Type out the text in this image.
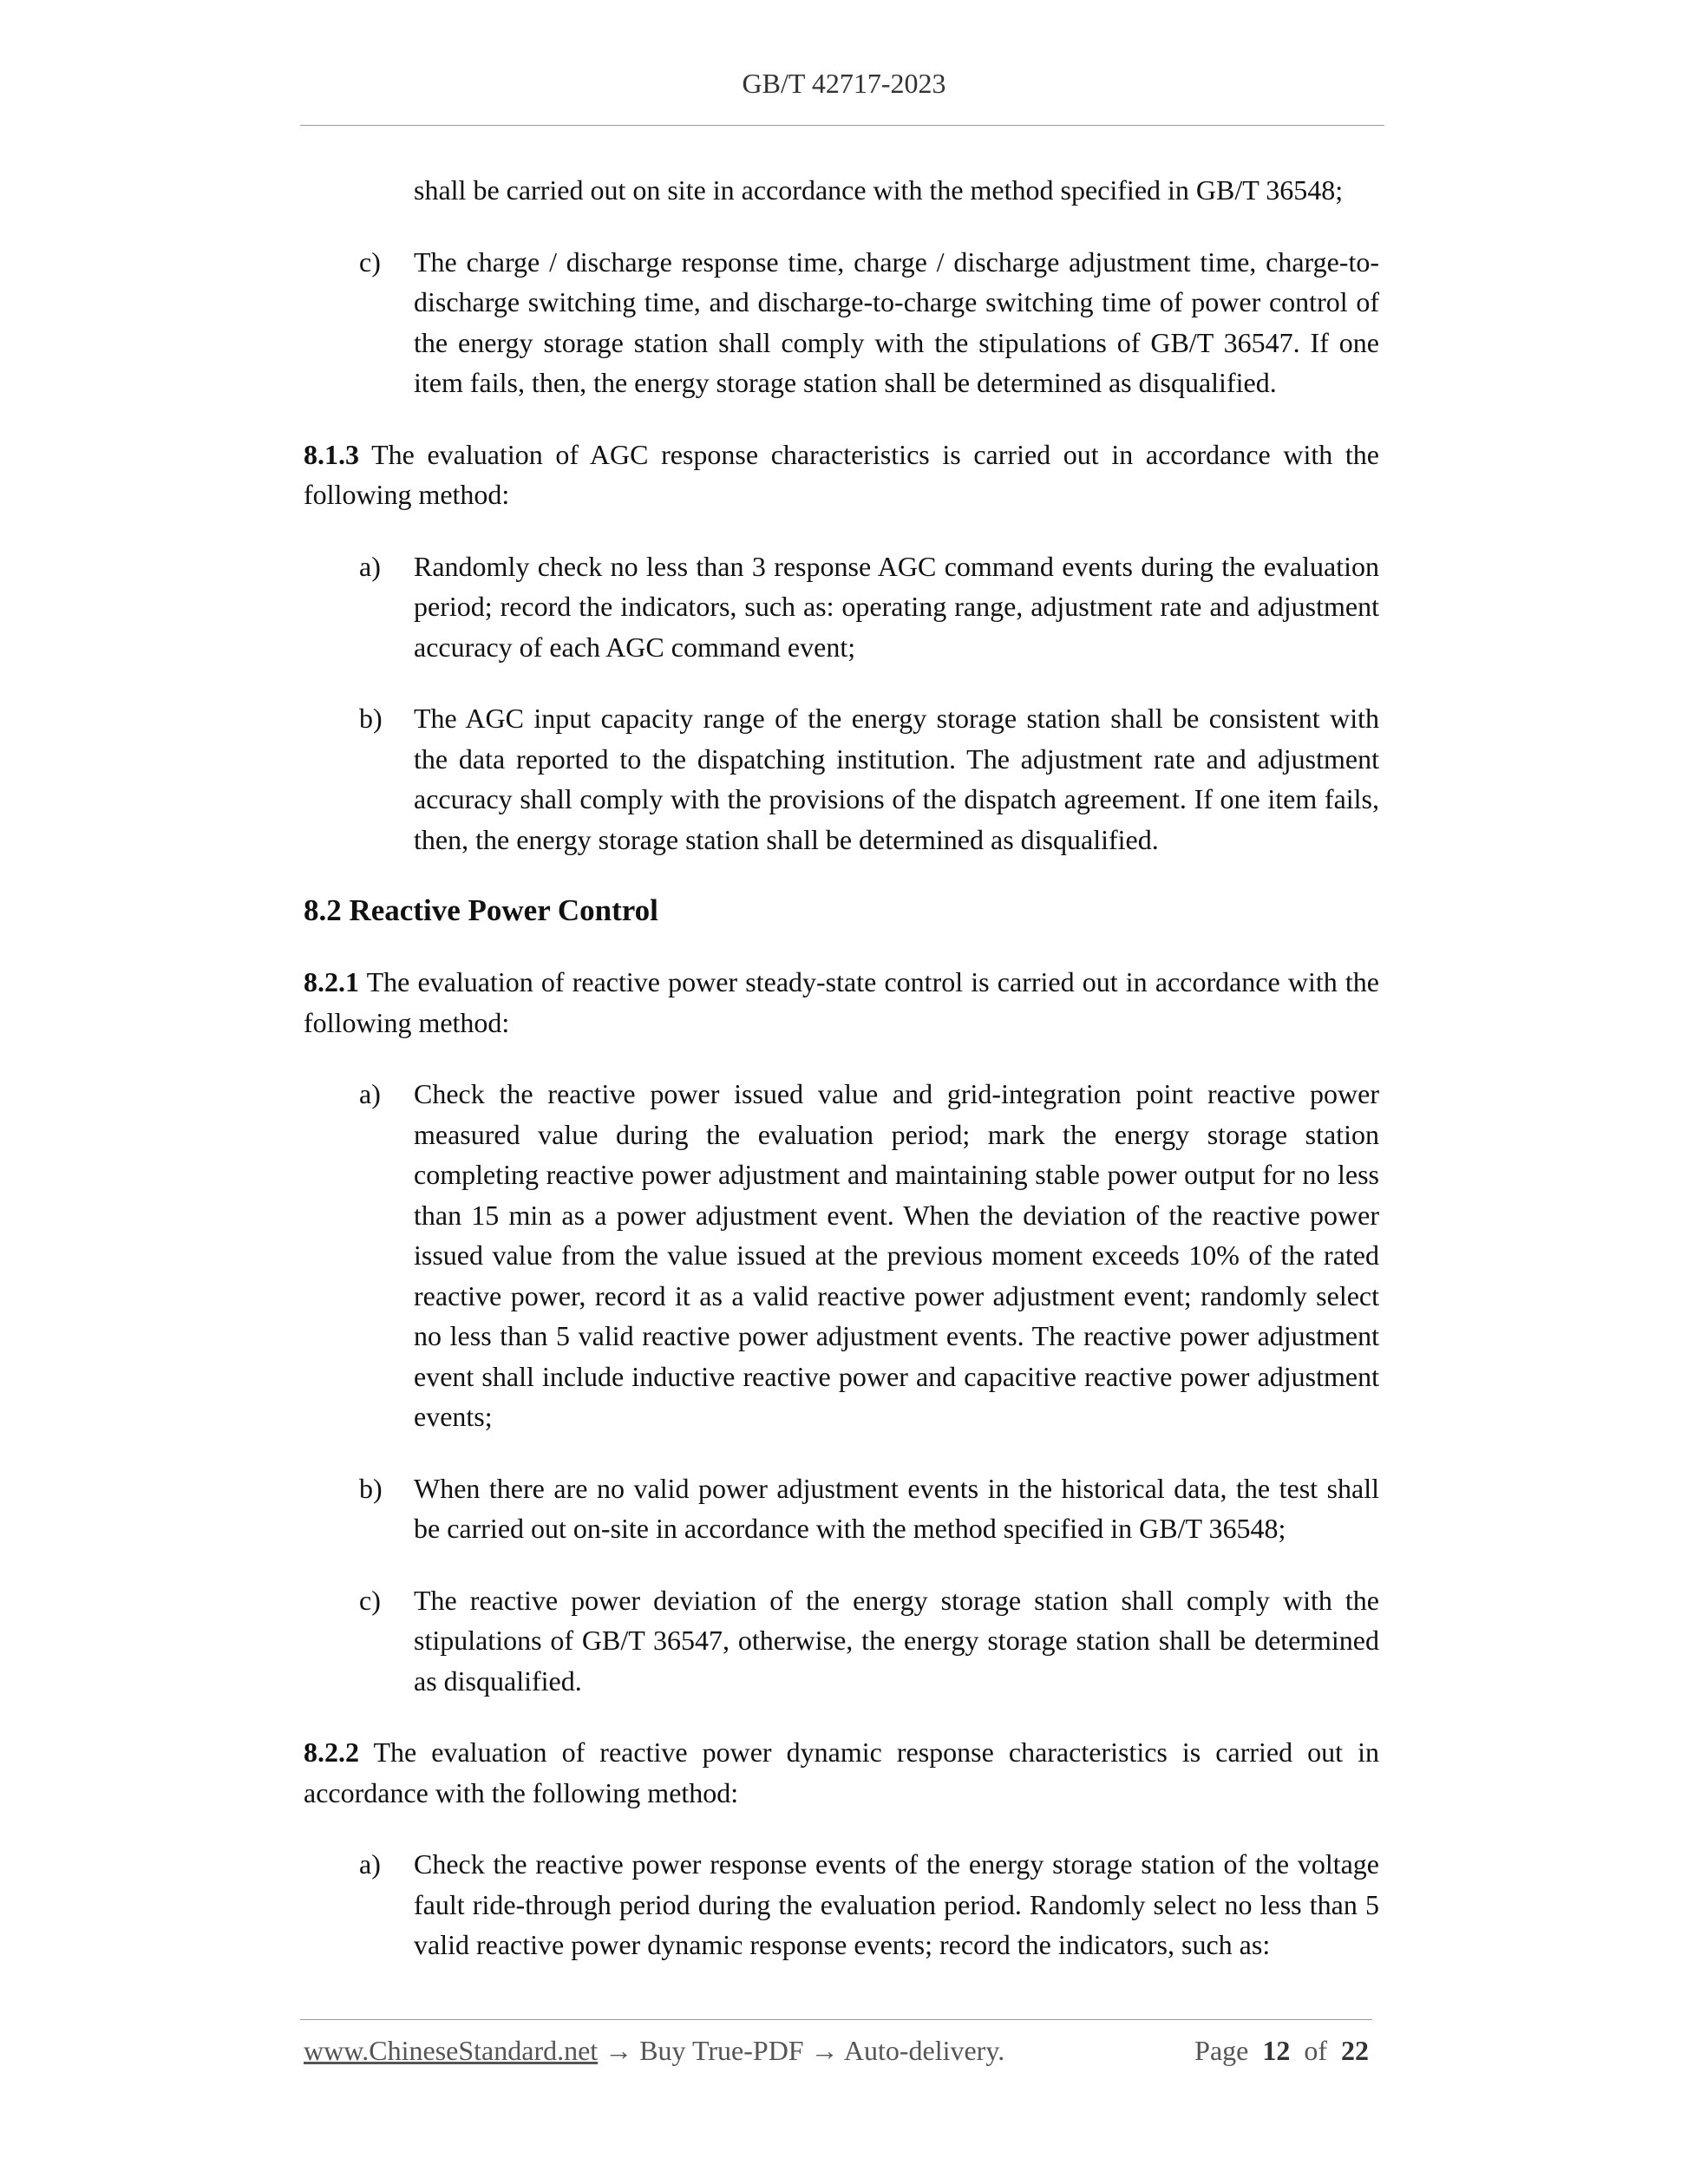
GB/T 42717-2023

shall be carried out on site in accordance with the method specified in GB/T 36548;

c) The charge / discharge response time, charge / discharge adjustment time, charge-to-discharge switching time, and discharge-to-charge switching time of power control of the energy storage station shall comply with the stipulations of GB/T 36547. If one item fails, then, the energy storage station shall be determined as disqualified.

8.1.3 The evaluation of AGC response characteristics is carried out in accordance with the following method:

a) Randomly check no less than 3 response AGC command events during the evaluation period; record the indicators, such as: operating range, adjustment rate and adjustment accuracy of each AGC command event;

b) The AGC input capacity range of the energy storage station shall be consistent with the data reported to the dispatching institution. The adjustment rate and adjustment accuracy shall comply with the provisions of the dispatch agreement. If one item fails, then, the energy storage station shall be determined as disqualified.

8.2 Reactive Power Control

8.2.1 The evaluation of reactive power steady-state control is carried out in accordance with the following method:

a) Check the reactive power issued value and grid-integration point reactive power measured value during the evaluation period; mark the energy storage station completing reactive power adjustment and maintaining stable power output for no less than 15 min as a power adjustment event. When the deviation of the reactive power issued value from the value issued at the previous moment exceeds 10% of the rated reactive power, record it as a valid reactive power adjustment event; randomly select no less than 5 valid reactive power adjustment events. The reactive power adjustment event shall include inductive reactive power and capacitive reactive power adjustment events;

b) When there are no valid power adjustment events in the historical data, the test shall be carried out on-site in accordance with the method specified in GB/T 36548;

c) The reactive power deviation of the energy storage station shall comply with the stipulations of GB/T 36547, otherwise, the energy storage station shall be determined as disqualified.

8.2.2 The evaluation of reactive power dynamic response characteristics is carried out in accordance with the following method:

a) Check the reactive power response events of the energy storage station of the voltage fault ride-through period during the evaluation period. Randomly select no less than 5 valid reactive power dynamic response events; record the indicators, such as:

www.ChineseStandard.net → Buy True-PDF → Auto-delivery.	Page 12 of 22
